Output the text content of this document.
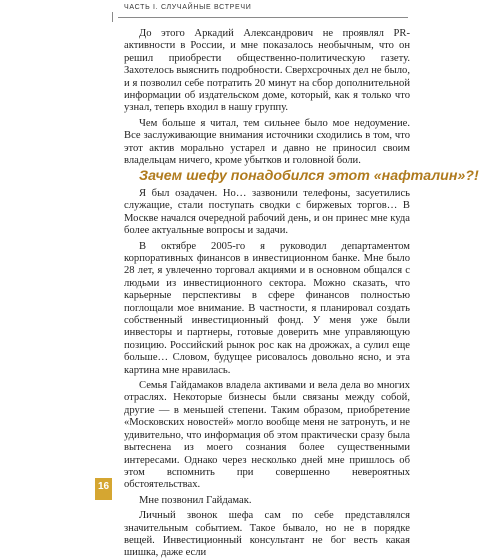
ЧАСТЬ I. СЛУЧАЙНЫЕ ВСТРЕЧИ

До этого Аркадий Александрович не проявлял PR-активности в России, и мне показалось необычным, что он решил приобрести общественно-политическую газету. Захотелось выяснить подробности. Сверхсрочных дел не было, и я позволил себе потратить 20 минут на сбор дополнительной информации об издательском доме, который, как я только что узнал, теперь входил в нашу группу.

Чем больше я читал, тем сильнее было мое недоумение. Все заслуживающие внимания источники сходились в том, что этот актив морально устарел и давно не приносил своим владельцам ничего, кроме убытков и головной боли.

Зачем шефу понадобился этот «нафталин»?!

Я был озадачен. Но… зазвонили телефоны, засуетились служащие, стали поступать сводки с биржевых торгов… В Москве начался очередной рабочий день, и он принес мне куда более актуальные вопросы и задачи.

В октябре 2005-го я руководил департаментом корпоративных финансов в инвестиционном банке. Мне было 28 лет, я увлеченно торговал акциями и в основном общался с людьми из инвестиционного сектора. Можно сказать, что карьерные перспективы в сфере финансов полностью поглощали мое внимание. В частности, я планировал создать собственный инвестиционный фонд. У меня уже были инвесторы и партнеры, готовые доверить мне управляющую позицию. Российский рынок рос как на дрожжах, а сулил еще больше… Словом, будущее рисовалось довольно ясно, и эта картина мне нравилась.

Семья Гайдамаков владела активами и вела дела во многих отраслях. Некоторые бизнесы были связаны между собой, другие — в меньшей степени. Таким образом, приобретение «Московских новостей» могло вообще меня не затронуть, и не удивительно, что информация об этом практически сразу была вытеснена из моего сознания более существенными интересами. Однако через несколько дней мне пришлось об этом вспомнить при совершенно невероятных обстоятельствах.

Мне позвонил Гайдамак.

Личный звонок шефа сам по себе представлялся значительным событием. Такое бывало, но не в порядке вещей. Инвестиционный консультант не бог весть какая шишка, даже если

16
